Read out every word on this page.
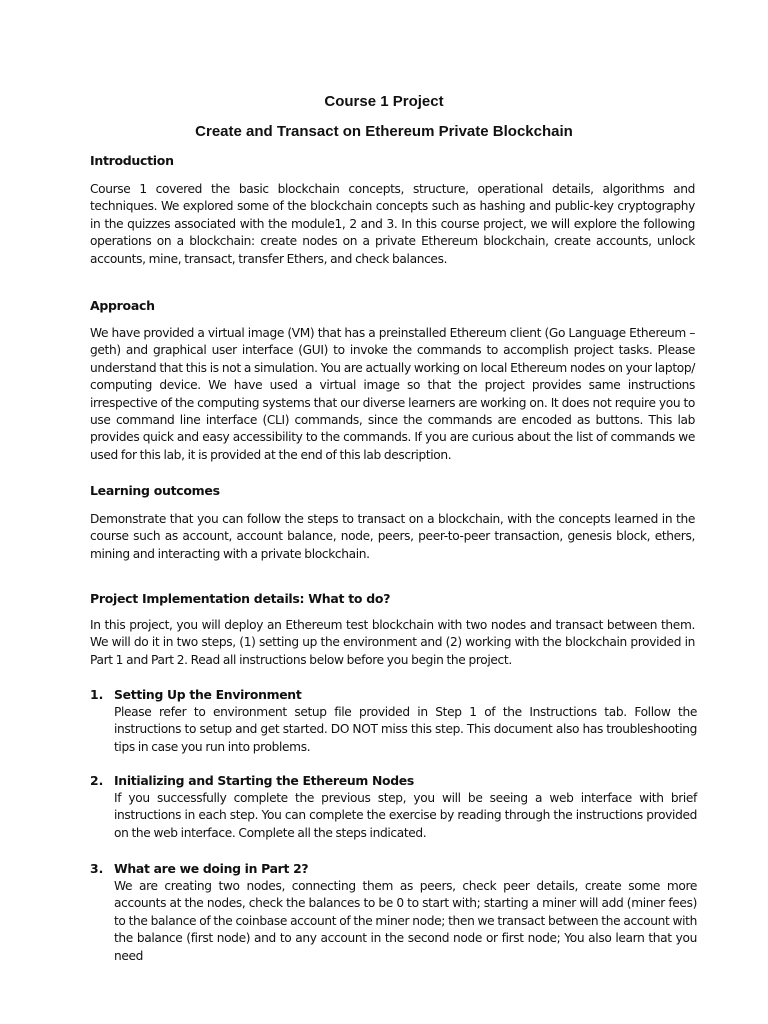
Course 1 Project
Create and Transact on Ethereum Private Blockchain
Introduction

Course 1 covered the basic blockchain concepts, structure, operational details, algorithms and techniques. We explored some of the blockchain concepts such as hashing and public-key cryptography in the quizzes associated with the module1, 2 and 3. In this course project, we will explore the following operations on a blockchain: create nodes on a private Ethereum blockchain, create accounts, unlock accounts, mine, transact, transfer Ethers, and check balances.

Approach

We have provided a virtual image (VM) that has a preinstalled Ethereum client (Go Language Ethereum – geth) and graphical user interface (GUI) to invoke the commands to accomplish project tasks. Please understand that this is not a simulation. You are actually working on local Ethereum nodes on your laptop/ computing device. We have used a virtual image so that the project provides same instructions irrespective of the computing systems that our diverse learners are working on. It does not require you to use command line interface (CLI) commands, since the commands are encoded as buttons. This lab provides quick and easy accessibility to the commands. If you are curious about the list of commands we used for this lab, it is provided at the end of this lab description.

Learning outcomes

Demonstrate that you can follow the steps to transact on a blockchain, with the concepts learned in the course such as account, account balance, node, peers, peer-to-peer transaction, genesis block, ethers, mining and interacting with a private blockchain.

Project Implementation details: What to do?

In this project, you will deploy an Ethereum test blockchain with two nodes and transact between them. We will do it in two steps, (1) setting up the environment and (2) working with the blockchain provided in Part 1 and Part 2. Read all instructions below before you begin the project.

1. Setting Up the Environment

Please refer to environment setup file provided in Step 1 of the Instructions tab. Follow the instructions to setup and get started. DO NOT miss this step. This document also has troubleshooting tips in case you run into problems.

2. Initializing and Starting the Ethereum Nodes

If you successfully complete the previous step, you will be seeing a web interface with brief instructions in each step. You can complete the exercise by reading through the instructions provided on the web interface. Complete all the steps indicated.

3. What are we doing in Part 2?

We are creating two nodes, connecting them as peers, check peer details, create some more accounts at the nodes, check the balances to be 0 to start with; starting a miner will add (miner fees) to the balance of the coinbase account of the miner node; then we transact between the account with the balance (first node) and to any account in the second node or first node; You also learn that you need
